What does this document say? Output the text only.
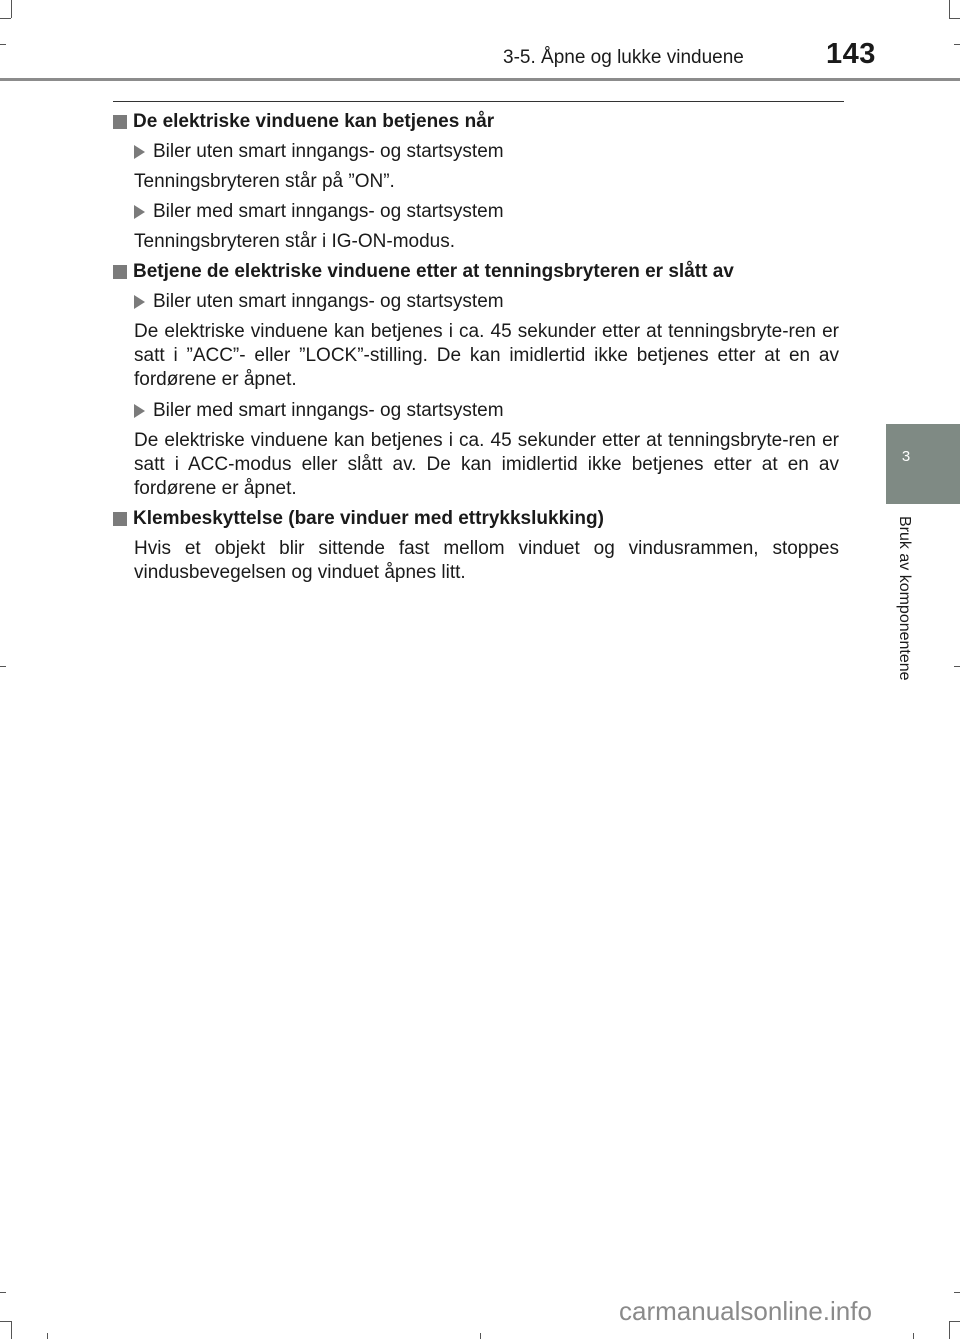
3-5. Åpne og lukke vinduene	143
3
Bruk av komponentene

De elektriske vinduene kan betjenes når

Biler uten smart inngangs- og startsystem

Tenningsbryteren står på ”ON”.

Biler med smart inngangs- og startsystem

Tenningsbryteren står i IG-ON-modus.

Betjene de elektriske vinduene etter at tenningsbryteren er slått av

Biler uten smart inngangs- og startsystem

De elektriske vinduene kan betjenes i ca. 45 sekunder etter at tenningsbryte-ren er satt i ”ACC”- eller ”LOCK”-stilling. De kan imidlertid ikke betjenes etter at en av fordørene er åpnet.

Biler med smart inngangs- og startsystem

De elektriske vinduene kan betjenes i ca. 45 sekunder etter at tenningsbryte-ren er satt i ACC-modus eller slått av. De kan imidlertid ikke betjenes etter at en av fordørene er åpnet.

Klembeskyttelse (bare vinduer med ettrykkslukking)

Hvis et objekt blir sittende fast mellom vinduet og vindusrammen, stoppes vindusbevegelsen og vinduet åpnes litt.

carmanualsonline.info
